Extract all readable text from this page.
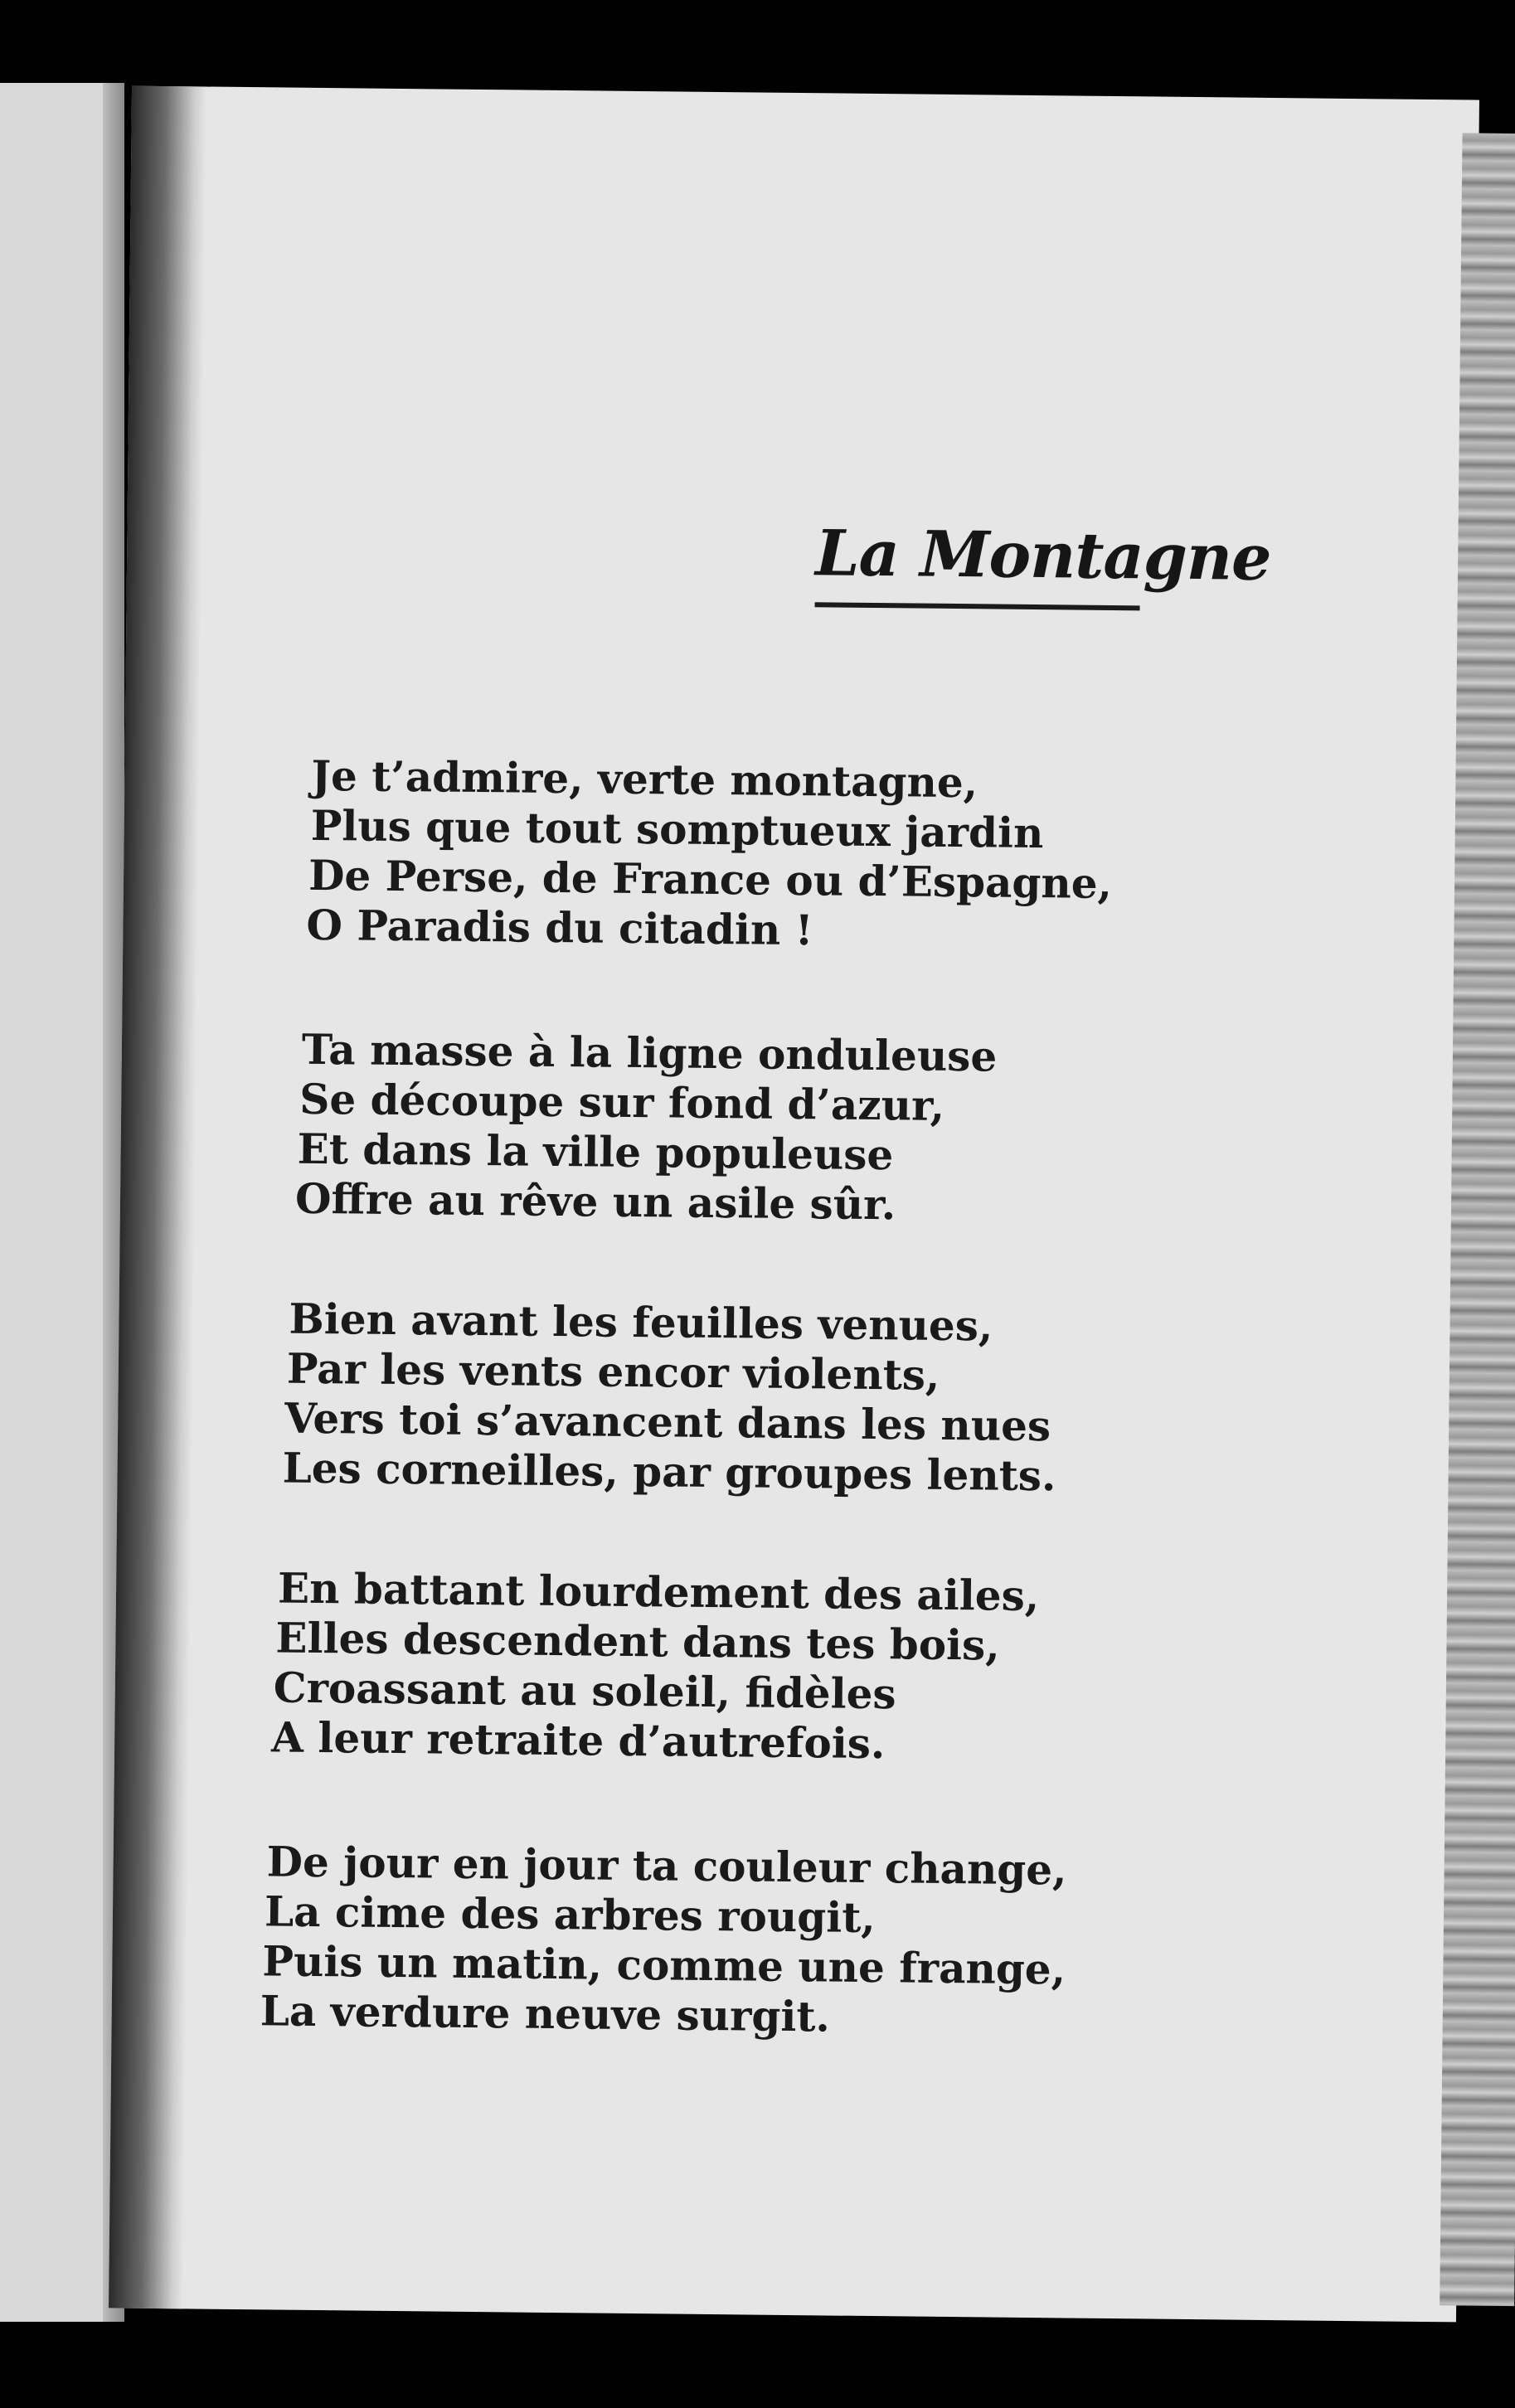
La Montagne
Je t’admire, verte montagne,
Plus que tout somptueux jardin
De Perse, de France ou d’Espagne,
O Paradis du citadin !
Ta masse à la ligne onduleuse
Se découpe sur fond d’azur,
Et dans la ville populeuse
Offre au rêve un asile sûr.
Bien avant les feuilles venues,
Par les vents encor violents,
Vers toi s’avancent dans les nues
Les corneilles, par groupes lents.
En battant lourdement des ailes,
Elles descendent dans tes bois,
Croassant au soleil, fidèles
A leur retraite d’autrefois.
De jour en jour ta couleur change,
La cime des arbres rougit,
Puis un matin, comme une frange,
La verdure neuve surgit.
